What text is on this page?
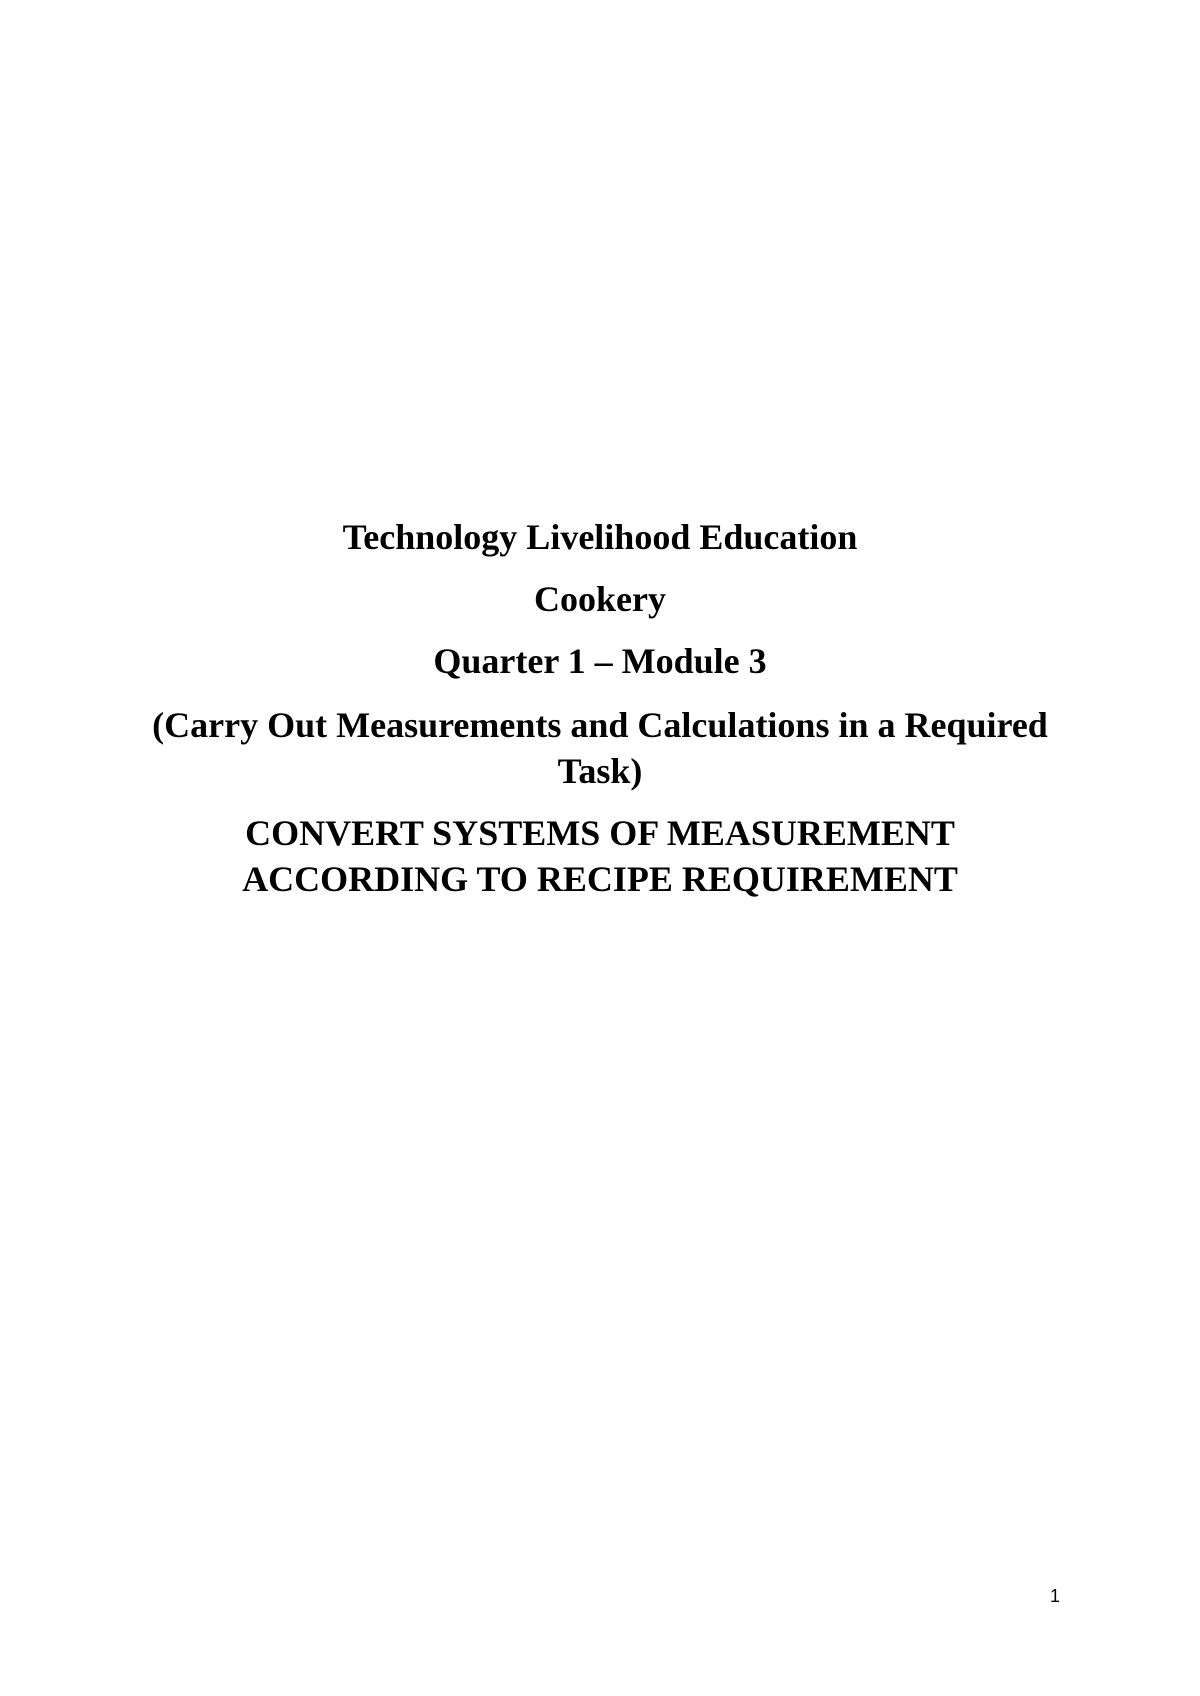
Technology Livelihood Education

Cookery

Quarter 1 – Module 3

(Carry Out Measurements and Calculations in a Required Task)

CONVERT SYSTEMS OF MEASUREMENT
ACCORDING TO RECIPE REQUIREMENT
1
